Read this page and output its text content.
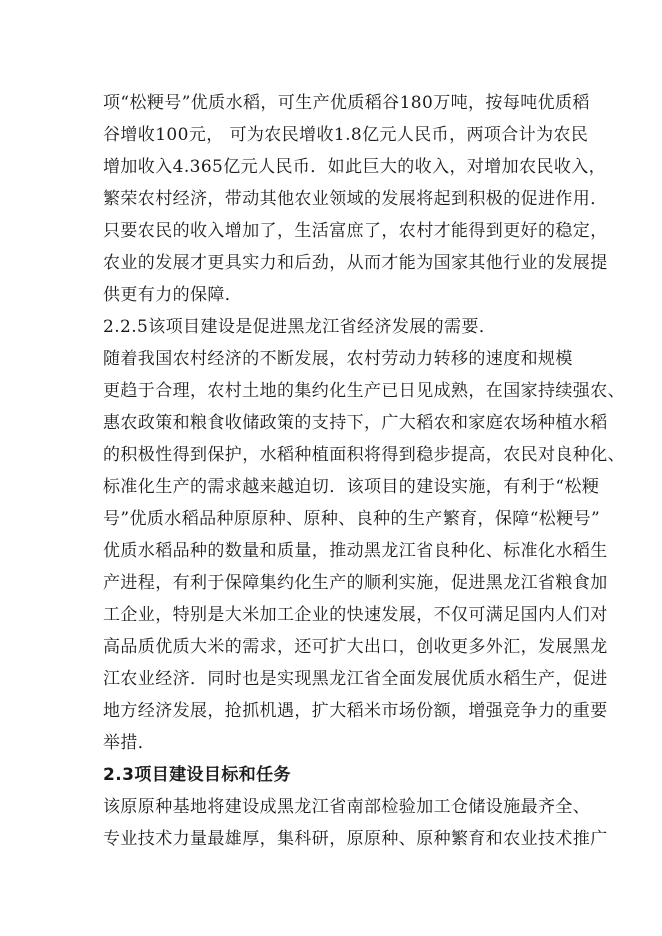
项“松粳号”优质水稻，可生产优质稻谷180万吨，按每吨优质稻
谷增收100元， 可为农民增收1.8亿元人民币，两项合计为农民
增加收入4.365亿元人民币．如此巨大的收入，对增加农民收入，
繁荣农村经济，带动其他农业领域的发展将起到积极的促进作用．
只要农民的收入增加了，生活富庶了，农村才能得到更好的稳定，
农业的发展才更具实力和后劲，从而才能为国家其他行业的发展提
供更有力的保障．
2.2.5该项目建设是促进黑龙江省经济发展的需要．
随着我国农村经济的不断发展，农村劳动力转移的速度和规模
更趋于合理，农村土地的集约化生产已日见成熟，在国家持续强农、
惠农政策和粮食收储政策的支持下，广大稻农和家庭农场种植水稻
的积极性得到保护，水稻种植面积将得到稳步提高，农民对良种化、
标准化生产的需求越来越迫切．该项目的建设实施，有利于“松粳
号”优质水稻品种原原种、原种、良种的生产繁育，保障“松粳号”
优质水稻品种的数量和质量，推动黑龙江省良种化、标准化水稻生
产进程，有利于保障集约化生产的顺利实施，促进黑龙江省粮食加
工企业，特别是大米加工企业的快速发展，不仅可满足国内人们对
高品质优质大米的需求，还可扩大出口，创收更多外汇，发展黑龙
江农业经济．同时也是实现黑龙江省全面发展优质水稻生产，促进
地方经济发展，抢抓机遇，扩大稻米市场份额，增强竞争力的重要
举措．
2.3项目建设目标和任务
该原原种基地将建设成黑龙江省南部检验加工仓储设施最齐全、
专业技术力量最雄厚，集科研，原原种、原种繁育和农业技术推广
